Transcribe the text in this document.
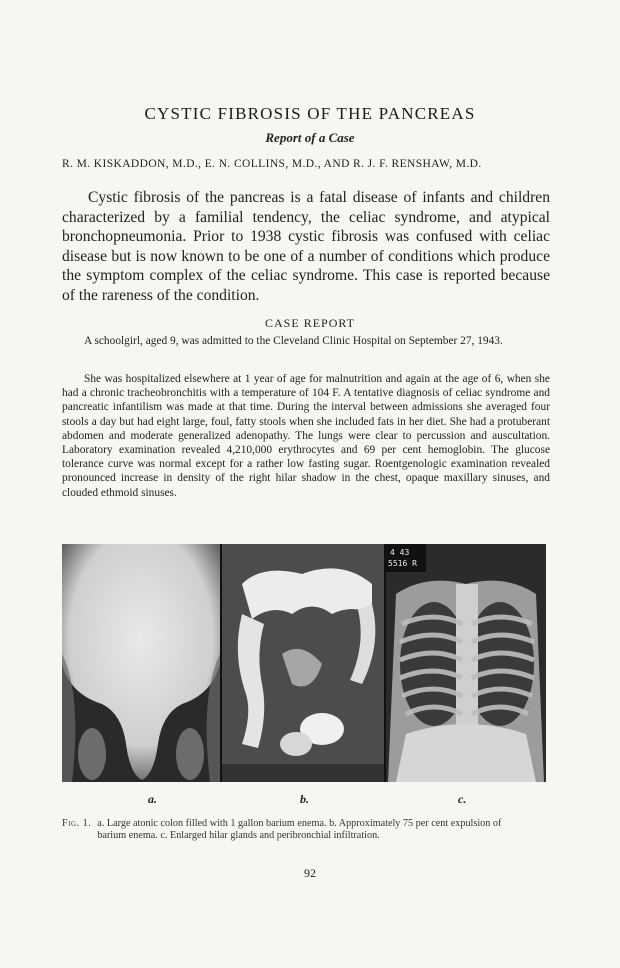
CYSTIC FIBROSIS OF THE PANCREAS
Report of a Case
R. M. KISKADDON, M.D., E. N. COLLINS, M.D., AND R. J. F. RENSHAW, M.D.
Cystic fibrosis of the pancreas is a fatal disease of infants and children characterized by a familial tendency, the celiac syndrome, and atypical bronchopneumonia. Prior to 1938 cystic fibrosis was confused with celiac disease but is now known to be one of a number of conditions which produce the symptom complex of the celiac syndrome. This case is reported because of the rareness of the condition.
CASE REPORT
A schoolgirl, aged 9, was admitted to the Cleveland Clinic Hospital on September 27, 1943.
She was hospitalized elsewhere at 1 year of age for malnutrition and again at the age of 6, when she had a chronic tracheobronchitis with a temperature of 104 F. A tentative diagnosis of celiac syndrome and pancreatic infantilism was made at that time. During the interval between admissions she averaged four stools a day but had eight large, foul, fatty stools when she included fats in her diet. She had a protuberant abdomen and moderate generalized adenopathy. The lungs were clear to percussion and auscultation. Laboratory examination revealed 4,210,000 erythrocytes and 69 per cent hemoglobin. The glucose tolerance curve was normal except for a rather low fasting sugar. Roentgenologic examination revealed pronounced increase in density of the right hilar shadow in the chest, opaque maxillary sinuses, and clouded ethmoid sinuses.
4 43
5516 R
a.	b.	c.
Fig. 1. a. Large atonic colon filled with 1 gallon barium enema. b. Approximately 75 per cent expulsion of barium enema. c. Enlarged hilar glands and peribronchial infiltration.
92
